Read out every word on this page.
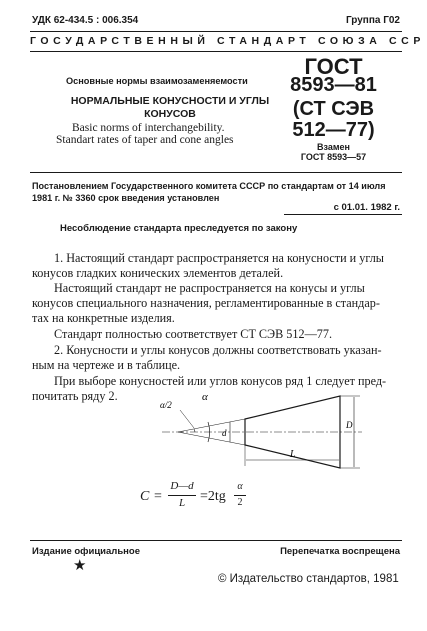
УДК 62-434.5 : 006.354	Группа Г02
ГОСУДАРСТВЕННЫЙ СТАНДАРТ СОЮЗА ССР
Основные нормы взаимозаменяемости
НОРМАЛЬНЫЕ КОНУСНОСТИ И УГЛЫ
КОНУСОВ
Basic norms of interchangebility.
Standart rates of taper and cone angles
ГОСТ
8593—81
(СТ СЭВ
512—77)
Взамен
ГОСТ 8593—57
Постановлением Государственного комитета СССР по стандартам от 14 июля
1981 г. № 3360 срок введения установлен
с 01.01. 1982 г.
Несоблюдение стандарта преследуется по закону
1. Настоящий стандарт распространяется на конусности и углы
конусов гладких конических элементов деталей.
Настоящий стандарт не распространяется на конусы и углы
конусов специального назначения, регламентированные в стандар-
тах на конкретные изделия.
Стандарт полностью соответствует СТ СЭВ 512—77.
2. Конусности и углы конусов должны соответствовать указан-
ным на чертеже и в таблице.
При выборе конусностей или углов конусов ряд 1 следует пред-
почитать ряду 2.
α/2
α
d
D
L
C =
D—d
L	=2tg
α
2
Издание официальное	Перепечатка воспрещена
★
© Издательство стандартов, 1981
